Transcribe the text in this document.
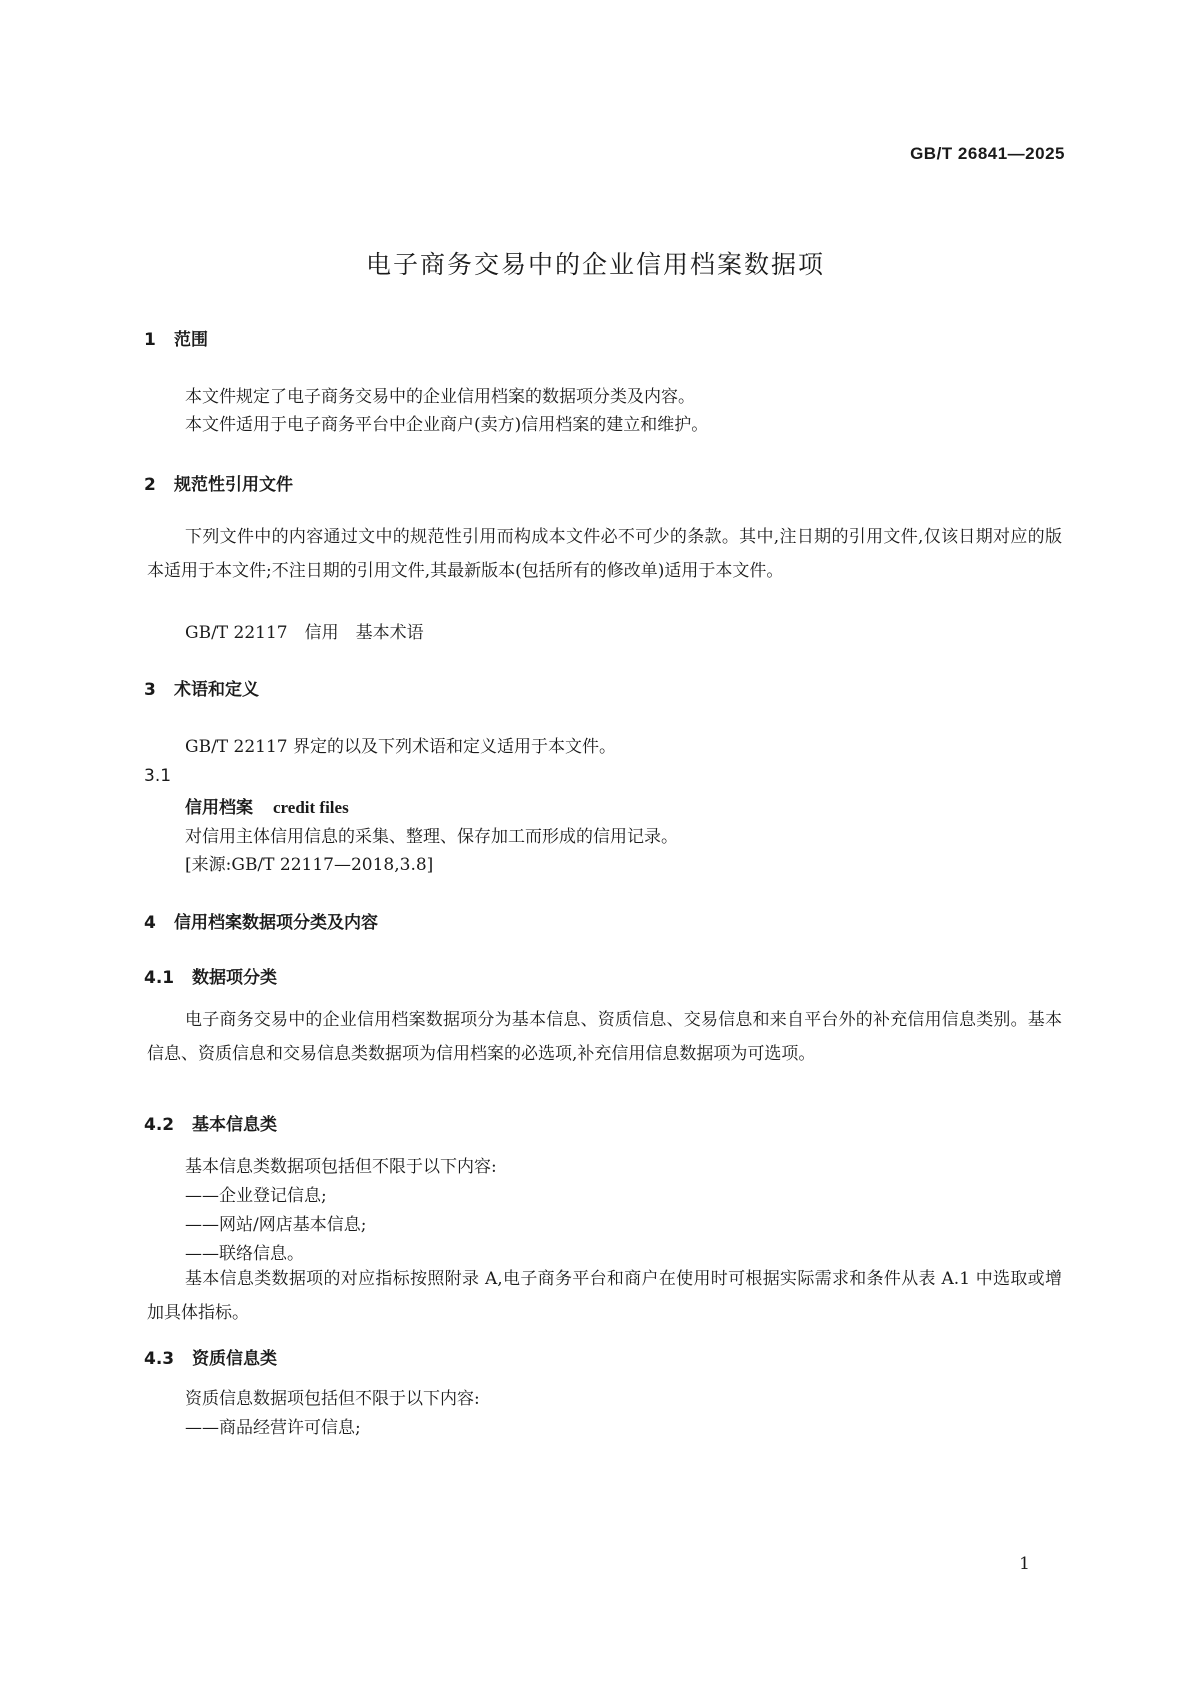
GB/T 26841—2025
电子商务交易中的企业信用档案数据项
1 范围
本文件规定了电子商务交易中的企业信用档案的数据项分类及内容。
本文件适用于电子商务平台中企业商户(卖方)信用档案的建立和维护。
2 规范性引用文件
下列文件中的内容通过文中的规范性引用而构成本文件必不可少的条款。其中,注日期的引用文件,仅该日期对应的版本适用于本文件;不注日期的引用文件,其最新版本(包括所有的修改单)适用于本文件。
GB/T 22117　信用　基本术语
3 术语和定义
GB/T 22117 界定的以及下列术语和定义适用于本文件。
3.1
信用档案 credit files
对信用主体信用信息的采集、整理、保存加工而形成的信用记录。
[来源:GB/T 22117—2018,3.8]
4 信用档案数据项分类及内容
4.1 数据项分类
电子商务交易中的企业信用档案数据项分为基本信息、资质信息、交易信息和来自平台外的补充信用信息类别。基本信息、资质信息和交易信息类数据项为信用档案的必选项,补充信用信息数据项为可选项。
4.2 基本信息类
基本信息类数据项包括但不限于以下内容:
——企业登记信息;
——网站/网店基本信息;
——联络信息。
基本信息类数据项的对应指标按照附录 A,电子商务平台和商户在使用时可根据实际需求和条件从表 A.1 中选取或增加具体指标。
4.3 资质信息类
资质信息数据项包括但不限于以下内容:
——商品经营许可信息;
1
